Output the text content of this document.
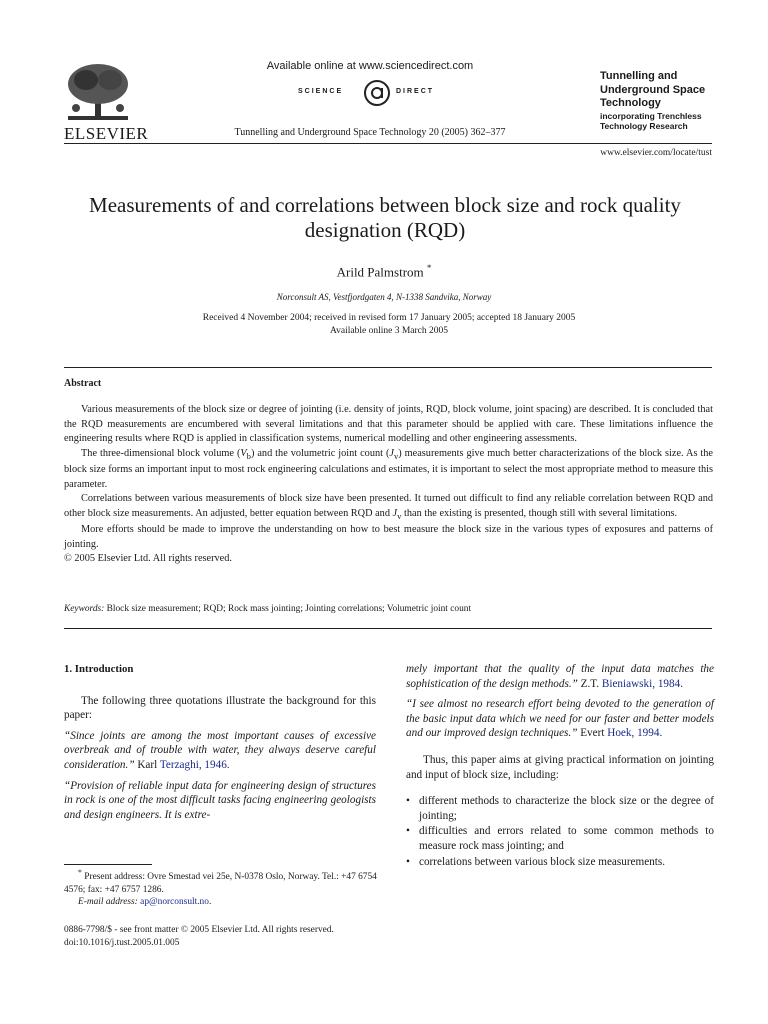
ELSEVIER
Available online at www.sciencedirect.com
SCIENCE	DIRECT
Tunnelling and Underground Space Technology 20 (2005) 362–377
Tunnelling and Underground Space Technology
incorporating Trenchless Technology Research
www.elsevier.com/locate/tust
Measurements of and correlations between block size and rock quality designation (RQD)
Arild Palmstrom *
Norconsult AS, Vestfjordgaten 4, N-1338 Sandvika, Norway
Received 4 November 2004; received in revised form 17 January 2005; accepted 18 January 2005
Available online 3 March 2005
Abstract

Various measurements of the block size or degree of jointing (i.e. density of joints, RQD, block volume, joint spacing) are described. It is concluded that the RQD measurements are encumbered with several limitations and that this parameter should be applied with care. These limitations influence the engineering results where RQD is applied in classification systems, numerical modelling and other engineering assessments.

The three-dimensional block volume $(V_b)$ and the volumetric joint count $(J_v)$ measurements give much better characterizations of the block size. As the block size forms an important input to most rock engineering calculations and estimates, it is important to select the most appropriate method to measure this parameter.

Correlations between various measurements of block size have been presented. It turned out difficult to find any reliable correlation between RQD and other block size measurements. An adjusted, better equation between RQD and $J_v$ than the existing is presented, though still with several limitations.

More efforts should be made to improve the understanding on how to best measure the block size in the various types of exposures and patterns of jointing.

© 2005 Elsevier Ltd. All rights reserved.

Keywords: Block size measurement; RQD; Rock mass jointing; Jointing correlations; Volumetric joint count
1. Introduction

The following three quotations illustrate the background for this paper:

“Since joints are among the most important causes of excessive overbreak and of trouble with water, they always deserve careful consideration.” Karl Terzaghi, 1946.

“Provision of reliable input data for engineering design of structures in rock is one of the most difficult tasks facing engineering geologists and design engineers. It is extre-

* Present address: Ovre Smestad vei 25e, N-0378 Oslo, Norway. Tel.: +47 6754 4576; fax: +47 6757 1286.
E-mail address: ap@norconsult.no.
0886-7798/$ - see front matter © 2005 Elsevier Ltd. All rights reserved.
doi:10.1016/j.tust.2005.01.005

mely important that the quality of the input data matches the sophistication of the design methods.” Z.T. Bieniawski, 1984.

“I see almost no research effort being devoted to the generation of the basic input data which we need for our faster and better models and our improved design techniques.” Evert Hoek, 1994.

Thus, this paper aims at giving practical information on jointing and input of block size, including:

• different methods to characterize the block size or the degree of jointing;
• difficulties and errors related to some common methods to measure rock mass jointing; and
• correlations between various block size measurements.
